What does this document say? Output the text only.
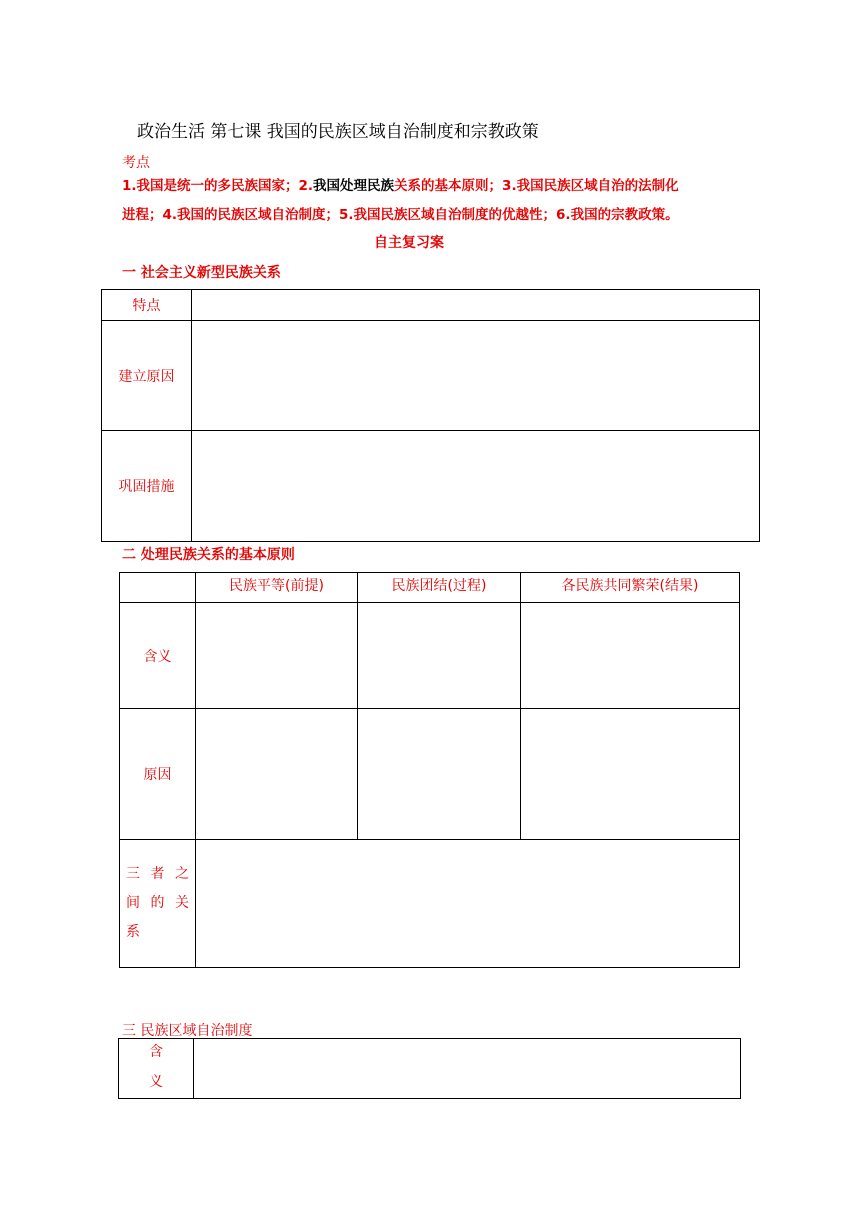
政治生活 第七课 我国的民族区域自治制度和宗教政策
考点
1.我国是统一的多民族国家；2.我国处理民族关系的基本原则；3.我国民族区域自治的法制化
进程；4.我国的民族区域自治制度；5.我国民族区域自治制度的优越性；6.我国的宗教政策。
自主复习案
一 社会主义新型民族关系
特点	
建立原因	
巩固措施	
二 处理民族关系的基本原则
	民族平等(前提)	民族团结(过程)	各民族共同繁荣(结果)
含义			
原因			

三 者 之
间 的 关
系			

三 民族区域自治制度
含
义
